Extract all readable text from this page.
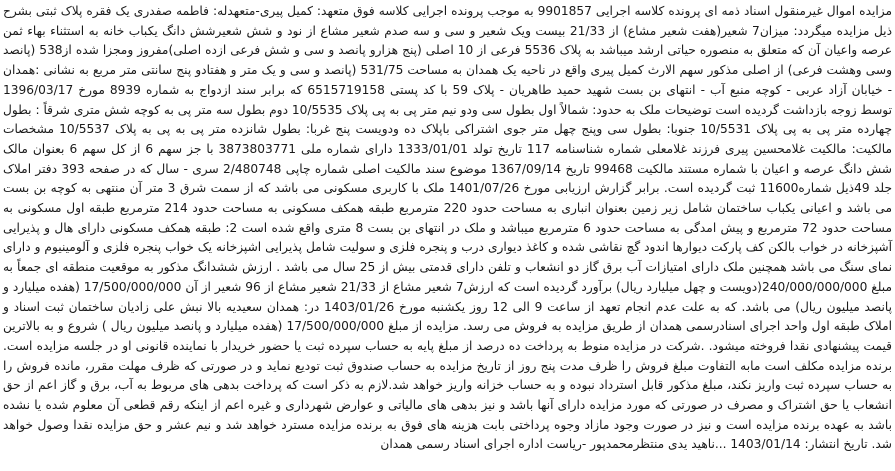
مزایده اموال غیرمنقول اسناد ذمه ای پرونده کلاسه اجرایی 9901857 به موجب پرونده اجرایی کلاسه فوق متعهد: کمیل پیری-متعهدله: فاطمه صفدری یک فقره پلاک ثبتی بشرح ذیل مزایده میگردد: میزان7 شعیر(هفت شعیر مشاع) از 21/33 بیست ویک شعیر و سی و سه صدم شعیر مشاع از نود و شش شعیرشش دانگ یکباب خانه به استثناء بهاء ثمن عرصه واعیان آن که متعلق به منصوره حیاتی ارشد میباشد به پلاک 5536 فرعی از 10 اصلی (پنج هزارو پانصد و سی و شش فرعی ازده اصلی)مفروز ومجزا شده از538 (پانصد وسی وهشت فرعی) از اصلی مذکور سهم الارث کمیل پیری واقع در ناحیه یک همدان به مساحت 531/75 (پانصد و سی و یک متر و هفتادو پنج سانتی متر مربع به نشانی :همدان - خیابان آزاد عربی - کوچه منبع آب - انتهای بن بست شهید حمید طاهریان - پلاک 59 با کد پستی 6515719158 که برابر سند ازدواج به شماره 8939 مورخ 1396/03/17 توسط زوجه بازداشت گردیده است توضیحات ملک به حدود: شمالاً اول بطول سی ودو نیم متر پی به پی پلاک 10/5535 دوم بطول سه متر پی به کوچه شش متری شرقاً : بطول چهارده متر پی به پی پلاک 10/5531 جنوبا: بطول سی وپنج چهل متر جوی اشتراکی باپلاک ده ودویست پنج غربا: بطول شانزده متر پی به پی به پلاک 10/5537 مشخصات مالکیت: مالکیت غلامحسین پیری فرزند غلامعلی شماره شناسنامه 117 تاریخ تولد 1333/01/01 دارای شماره ملی 3873803771 با جز سهم 6 از کل سهم 6 بعنوان مالک شش دانگ عرصه و اعیان با شماره مستند مالکیت 99468 تاریخ 1367/09/14 موضوع سند مالکیت اصلی شماره چاپی 2/480748 سری - سال که در صفحه 393 دفتر املاک جلد 49ذیل شماره11600 ثبت گردیده است. برابر گزارش ارزیابی مورخ 1401/07/26 ملک با کاربری مسکونی می باشد که از سمت شرق 3 متر آن منتهی به کوچه بن بست می باشد و اعیانی یکباب ساختمان شامل زیر زمین بعنوان انباری به مساحت حدود 220 مترمربع طبقه همکف مسکونی به مساحت حدود 214 مترمربع طبقه اول مسکونی به مساحت حدود 72 مترمربع و پیش امدگی به مساحت حدود 6 مترمربع میباشد و ملک در انتهای بن بست 8 متری واقع شده است 2: طبقه همکف مسکونی دارای هال و پذیرایی آشپزخانه در خواب بالکن کف پارکت دیوارها اندود گچ نقاشی شده و کاغذ دیواری درب و پنجره فلزی و سولیت شامل پذیرایی اشپزخانه یک خواب پنجره فلزی و آلومینیوم و دارای نمای سنگ می باشد همچنین ملک دارای امتیازات آب برق گاز دو انشعاب و تلفن دارای قدمتی بیش از 25 سال می باشد . ارزش ششدانگ مذکور به موقعیت منطقه ای جمعاً به مبلغ 240/000/000/000(دویست و چهل میلیارد ریال) برآورد گردیده است که ارزش7 شعیر مشاع از 21/33 شعیر مشاع از 96 شعیر از آن 17/500/000/000 (هفده میلیارد و پانصد میلیون ریال) می باشد. که به علت عدم انجام تعهد از ساعت 9 الی 12 روز یکشنبه مورخ 1403/01/26 در: همدان سعیدیه بالا نبش علی زادیان ساختمان ثبت اسناد و املاک طبقه اول واحد اجرای اسنادرسمی همدان از طریق مزایده به فروش می رسد. مزایده از مبلغ 17/500/000/000 (هفده میلیارد و پانصد میلیون ریال ) شروع و به بالاترین قیمت پیشنهادی نقدا فروخته میشود. .شرکت در مزایده منوط به پرداخت ده درصد از مبلغ پایه به حساب سپرده ثبت یا حضور خریدار با نماینده قانونی او در جلسه مزایده است. برنده مزایده مکلف است مابه التفاوت مبلغ فروش را ظرف مدت پنج روز از تاریخ مزایده به حساب صندوق ثبت تودیع نماید و در صورتی که ظرف مهلت مقرر، مانده فروش را به حساب سپرده ثبت واریز نکند، مبلغ مذکور قابل استرداد نبوده و به حساب خزانه واریز خواهد شد.لازم به ذکر است که پرداخت بدهی های مربوط به آب، برق و گاز اعم از حق انشعاب یا حق اشتراک و مصرف در صورتی که مورد مزایده دارای آنها باشد و نیز بدهی های مالیاتی و عوارض شهرداری و غیره اعم از اینکه رقم قطعی آن معلوم شده یا نشده باشد به عهده برنده مزایده است و نیز در صورت وجود مازاد وجوه پرداختی بابت هزینه های فوق به برنده مزایده مسترد خواهد شد و نیم عشر و حق مزایده نقدا وصول خواهد شد. تاریخ انتشار: 1403/01/14 ...ناهید یدی منتظرمحمدپور -ریاست اداره اجرای اسناد رسمی همدان
